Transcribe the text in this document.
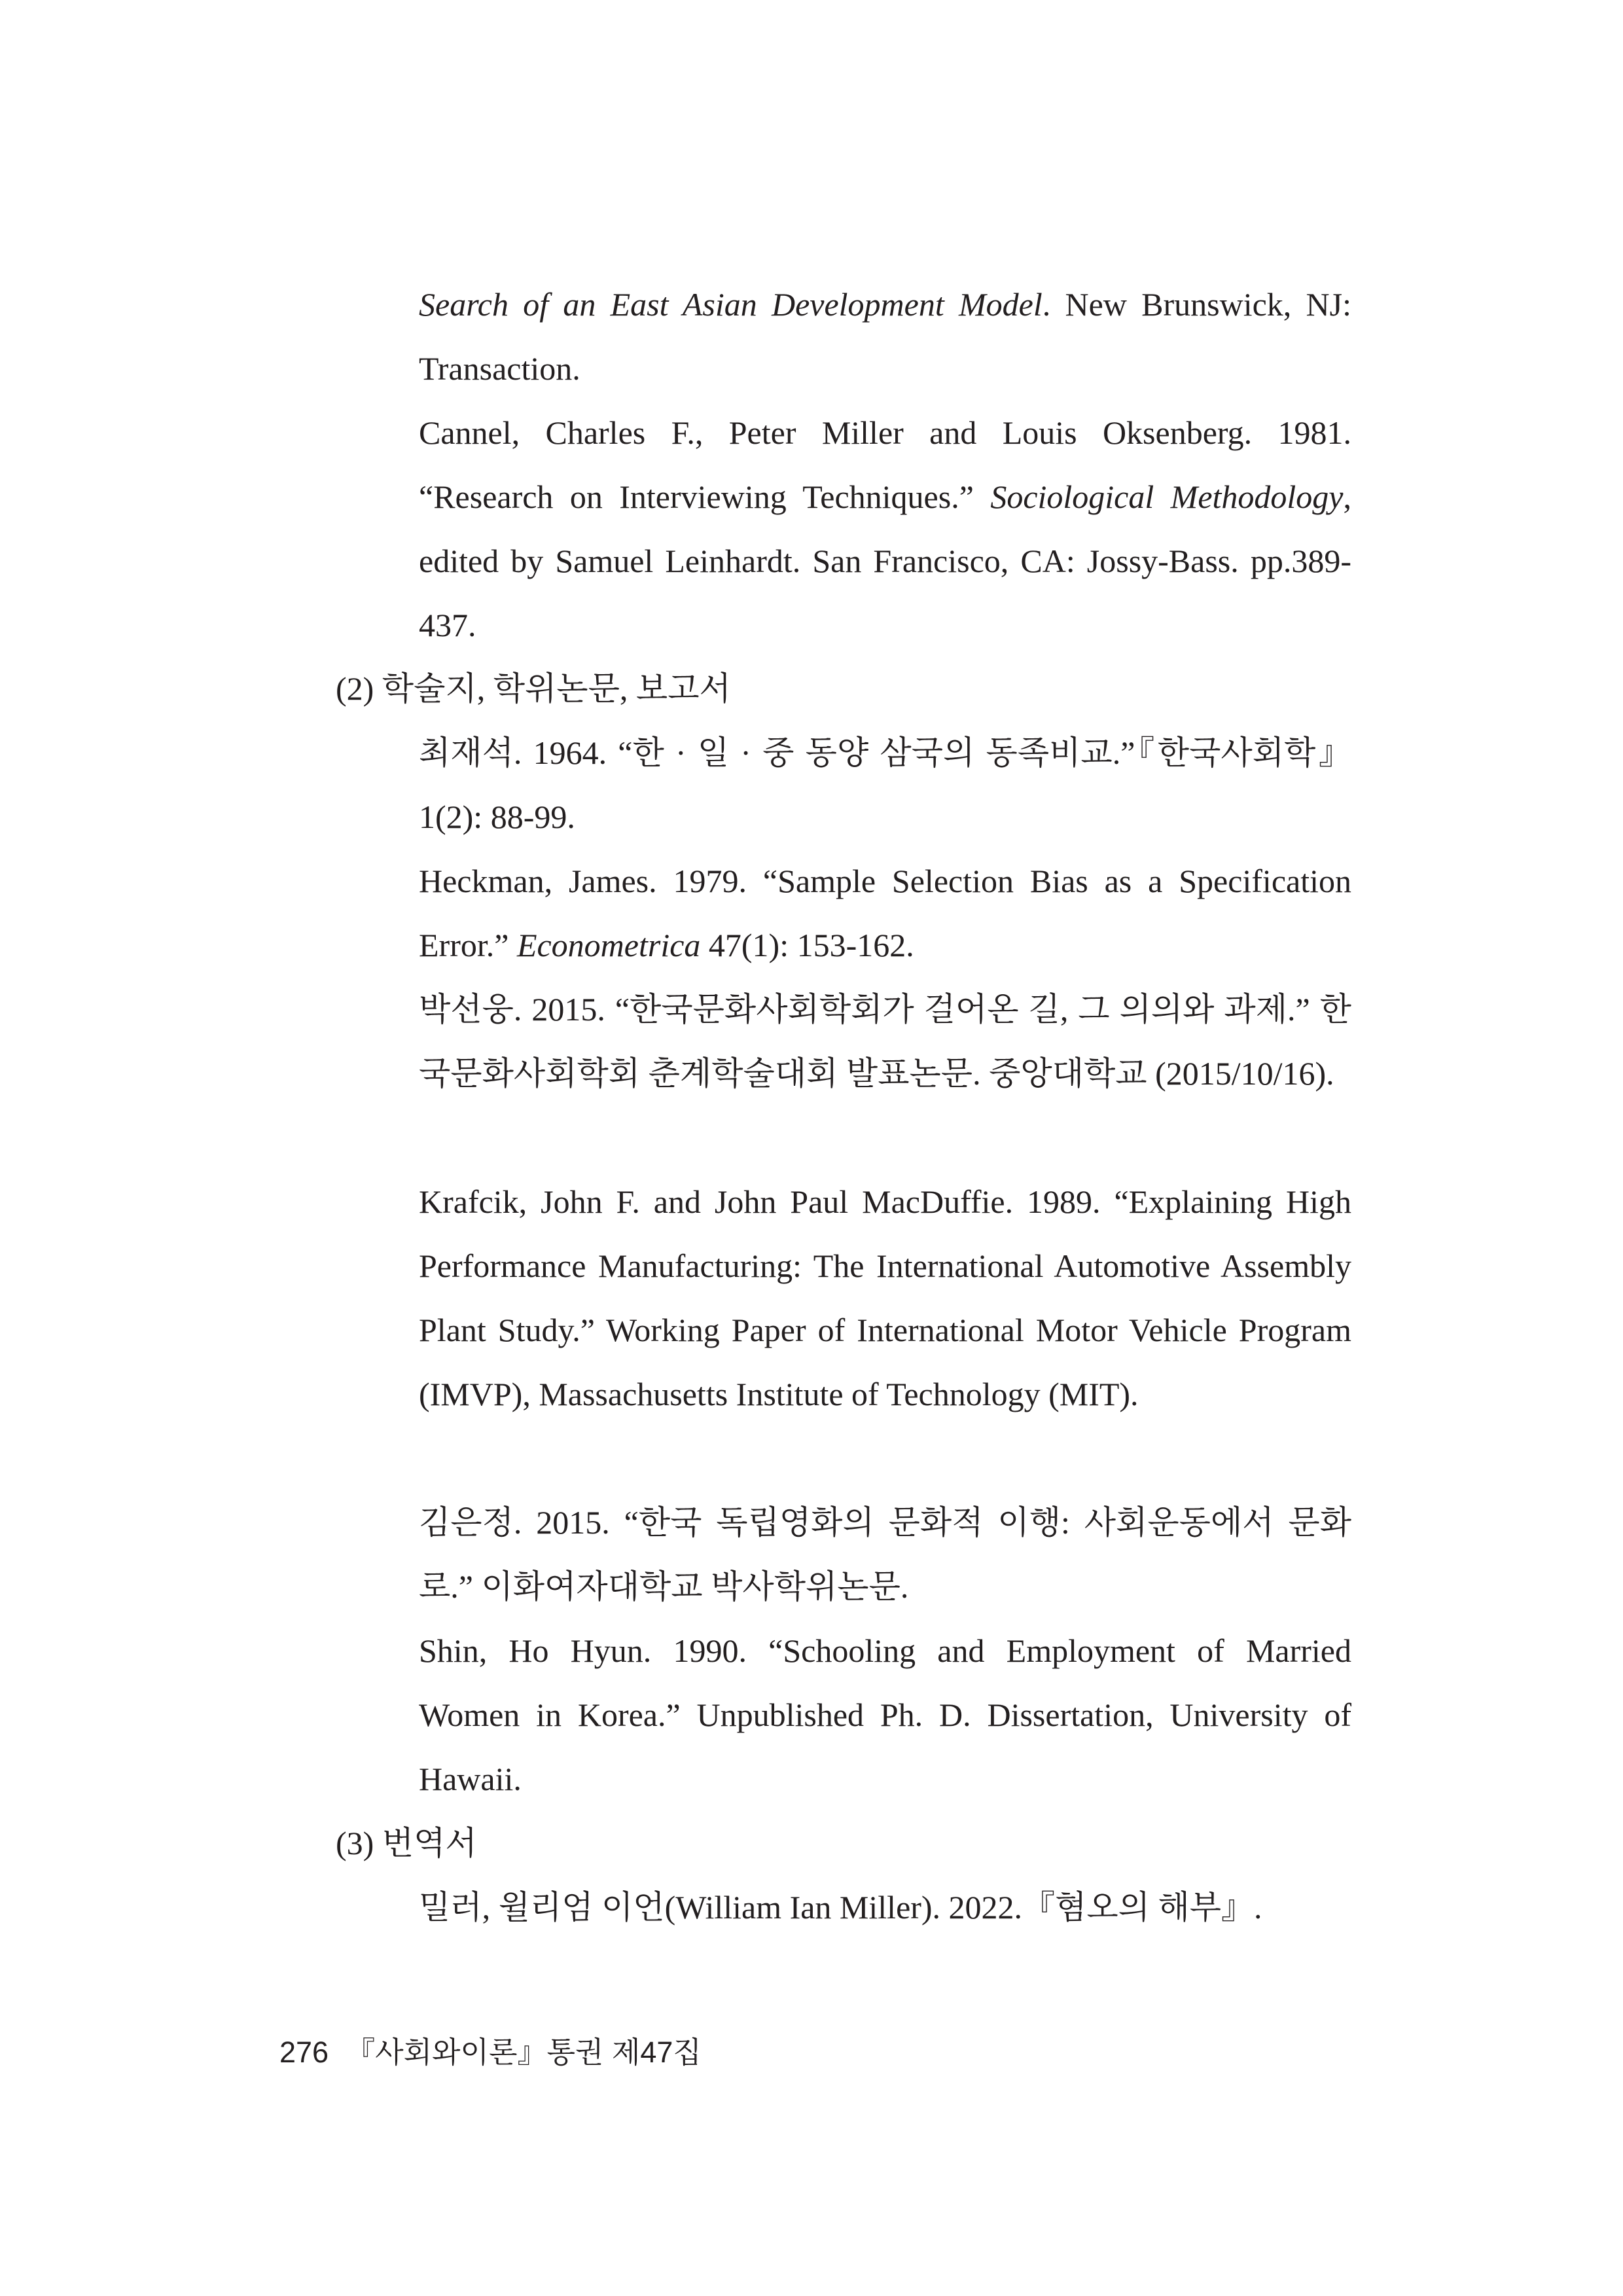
Search of an East Asian Development Model. New Brunswick, NJ: Transaction.

Cannel, Charles F., Peter Miller and Louis Oksenberg. 1981. “Research on Interviewing Techniques.” Sociological Methodology, edited by Samuel Leinhardt. San Francisco, CA: Jossy-Bass. pp.389-437.

(2) 학술지, 학위논문, 보고서

최재석. 1964. “한 · 일 · 중 동양 삼국의 동족비교.”『한국사회학』1(2): 88-99.

Heckman, James. 1979. “Sample Selection Bias as a Specification Error.” Econometrica 47(1): 153-162.

박선웅. 2015. “한국문화사회학회가 걸어온 길, 그 의의와 과제.” 한국문화사회학회 춘계학술대회 발표논문. 중앙대학교 (2015/10/16).

Krafcik, John F. and John Paul MacDuffie. 1989. “Explaining High Performance Manufacturing: The International Automotive Assembly Plant Study.” Working Paper of International Motor Vehicle Program (IMVP), Massachusetts Institute of Technology (MIT).

김은정. 2015. “한국 독립영화의 문화적 이행: 사회운동에서 문화로.” 이화여자대학교 박사학위논문.

Shin, Ho Hyun. 1990. “Schooling and Employment of Married Women in Korea.” Unpublished Ph. D. Dissertation, University of Hawaii.

(3) 번역서

밀러, 윌리엄 이언(William Ian Miller). 2022.『혐오의 해부』.

276 『사회와이론』통권 제47집
